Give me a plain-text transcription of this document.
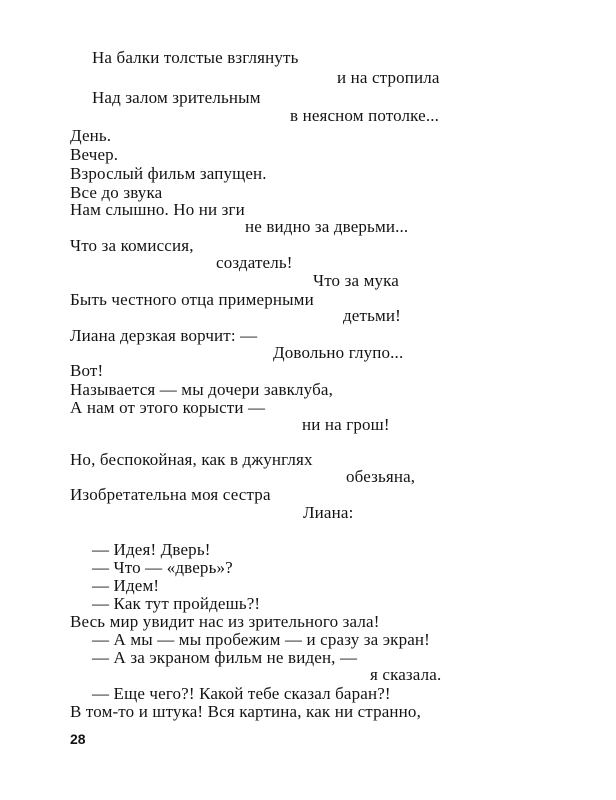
На балки толстые взглянуть
и на стропила
Над залом зрительным
в неясном потолке...
День.
Вечер.
Взрослый фильм запущен.
Все до звука
Нам слышно. Но ни зги
не видно за дверьми...
Что за комиссия,
создатель!
Что за мука
Быть честного отца примерными
детьми!
Лиана дерзкая ворчит: —
Довольно глупо...
Вот!
Называется — мы дочери завклуба,
А нам от этого корысти —
ни на грош!
Но, беспокойная, как в джунглях
обезьяна,
Изобретательна моя сестра
Лиана:
— Идея! Дверь!
— Что — «дверь»?
— Идем!
— Как тут пройдешь?!
Весь мир увидит нас из зрительного зала!
— А мы — мы пробежим — и сразу за экран!
— А за экраном фильм не виден, —
я сказала.
— Еще чего?! Какой тебе сказал баран?!
В том-то и штука! Вся картина, как ни странно,
28
